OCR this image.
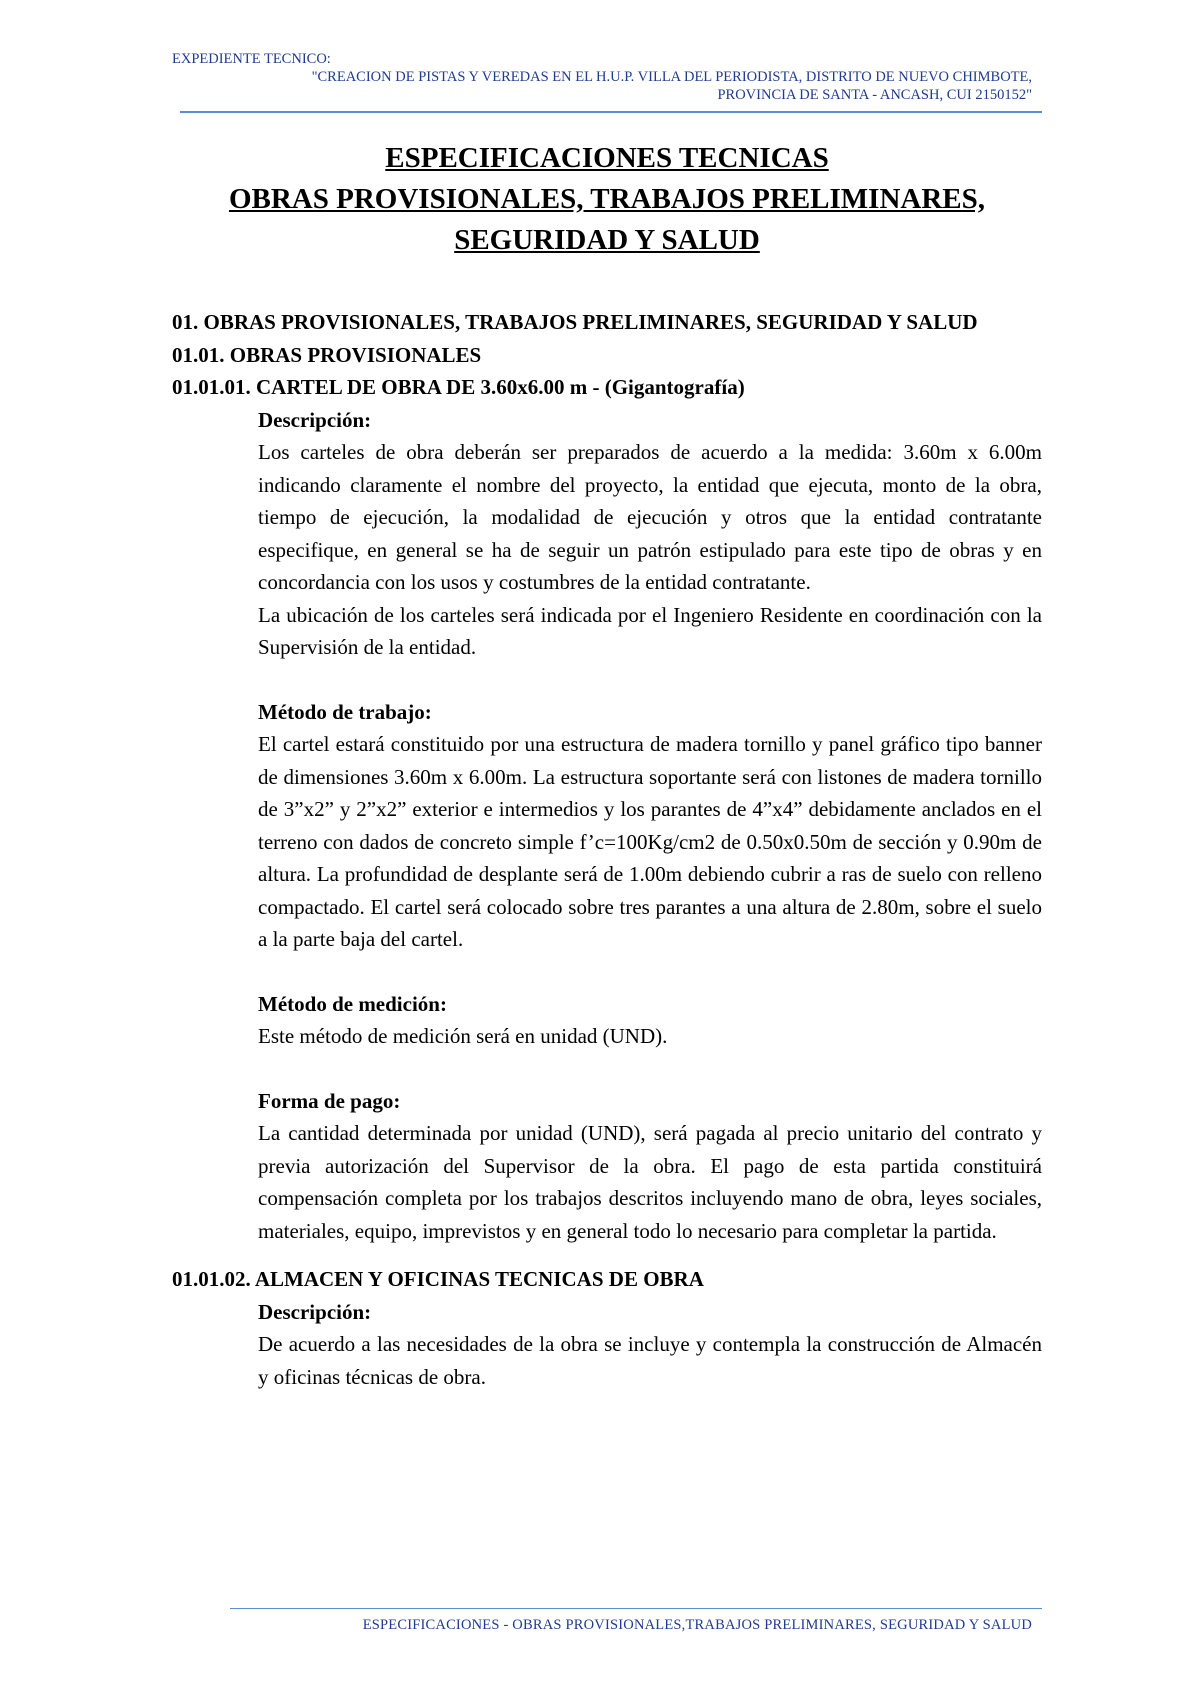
EXPEDIENTE TECNICO:
"CREACION DE PISTAS Y VEREDAS EN EL H.U.P. VILLA DEL PERIODISTA, DISTRITO DE NUEVO CHIMBOTE,
PROVINCIA DE SANTA - ANCASH, CUI 2150152"
ESPECIFICACIONES TECNICAS
OBRAS PROVISIONALES, TRABAJOS PRELIMINARES,
SEGURIDAD Y SALUD

01. OBRAS PROVISIONALES, TRABAJOS PRELIMINARES, SEGURIDAD Y SALUD

01.01. OBRAS PROVISIONALES

01.01.01. CARTEL DE OBRA DE 3.60x6.00 m - (Gigantografía)

Descripción:

Los carteles de obra deberán ser preparados de acuerdo a la medida: 3.60m x 6.00m indicando claramente el nombre del proyecto, la entidad que ejecuta, monto de la obra, tiempo de ejecución, la modalidad de ejecución y otros que la entidad contratante especifique, en general se ha de seguir un patrón estipulado para este tipo de obras y en concordancia con los usos y costumbres de la entidad contratante.

La ubicación de los carteles será indicada por el Ingeniero Residente en coordinación con la Supervisión de la entidad.

Método de trabajo:

El cartel estará constituido por una estructura de madera tornillo y panel gráfico tipo banner de dimensiones 3.60m x 6.00m. La estructura soportante será con listones de madera tornillo de 3”x2” y 2”x2” exterior e intermedios y los parantes de 4”x4” debidamente anclados en el terreno con dados de concreto simple f’c=100Kg/cm2 de 0.50x0.50m de sección y 0.90m de altura. La profundidad de desplante será de 1.00m debiendo cubrir a ras de suelo con relleno compactado. El cartel será colocado sobre tres parantes a una altura de 2.80m, sobre el suelo a la parte baja del cartel.

Método de medición:

Este método de medición será en unidad (UND).

Forma de pago:

La cantidad determinada por unidad (UND), será pagada al precio unitario del contrato y previa autorización del Supervisor de la obra. El pago de esta partida constituirá compensación completa por los trabajos descritos incluyendo mano de obra, leyes sociales, materiales, equipo, imprevistos y en general todo lo necesario para completar la partida.

01.01.02. ALMACEN Y OFICINAS TECNICAS DE OBRA

Descripción:

De acuerdo a las necesidades de la obra se incluye y contempla la construcción de Almacén y oficinas técnicas de obra.

ESPECIFICACIONES - OBRAS PROVISIONALES,TRABAJOS PRELIMINARES, SEGURIDAD Y SALUD
